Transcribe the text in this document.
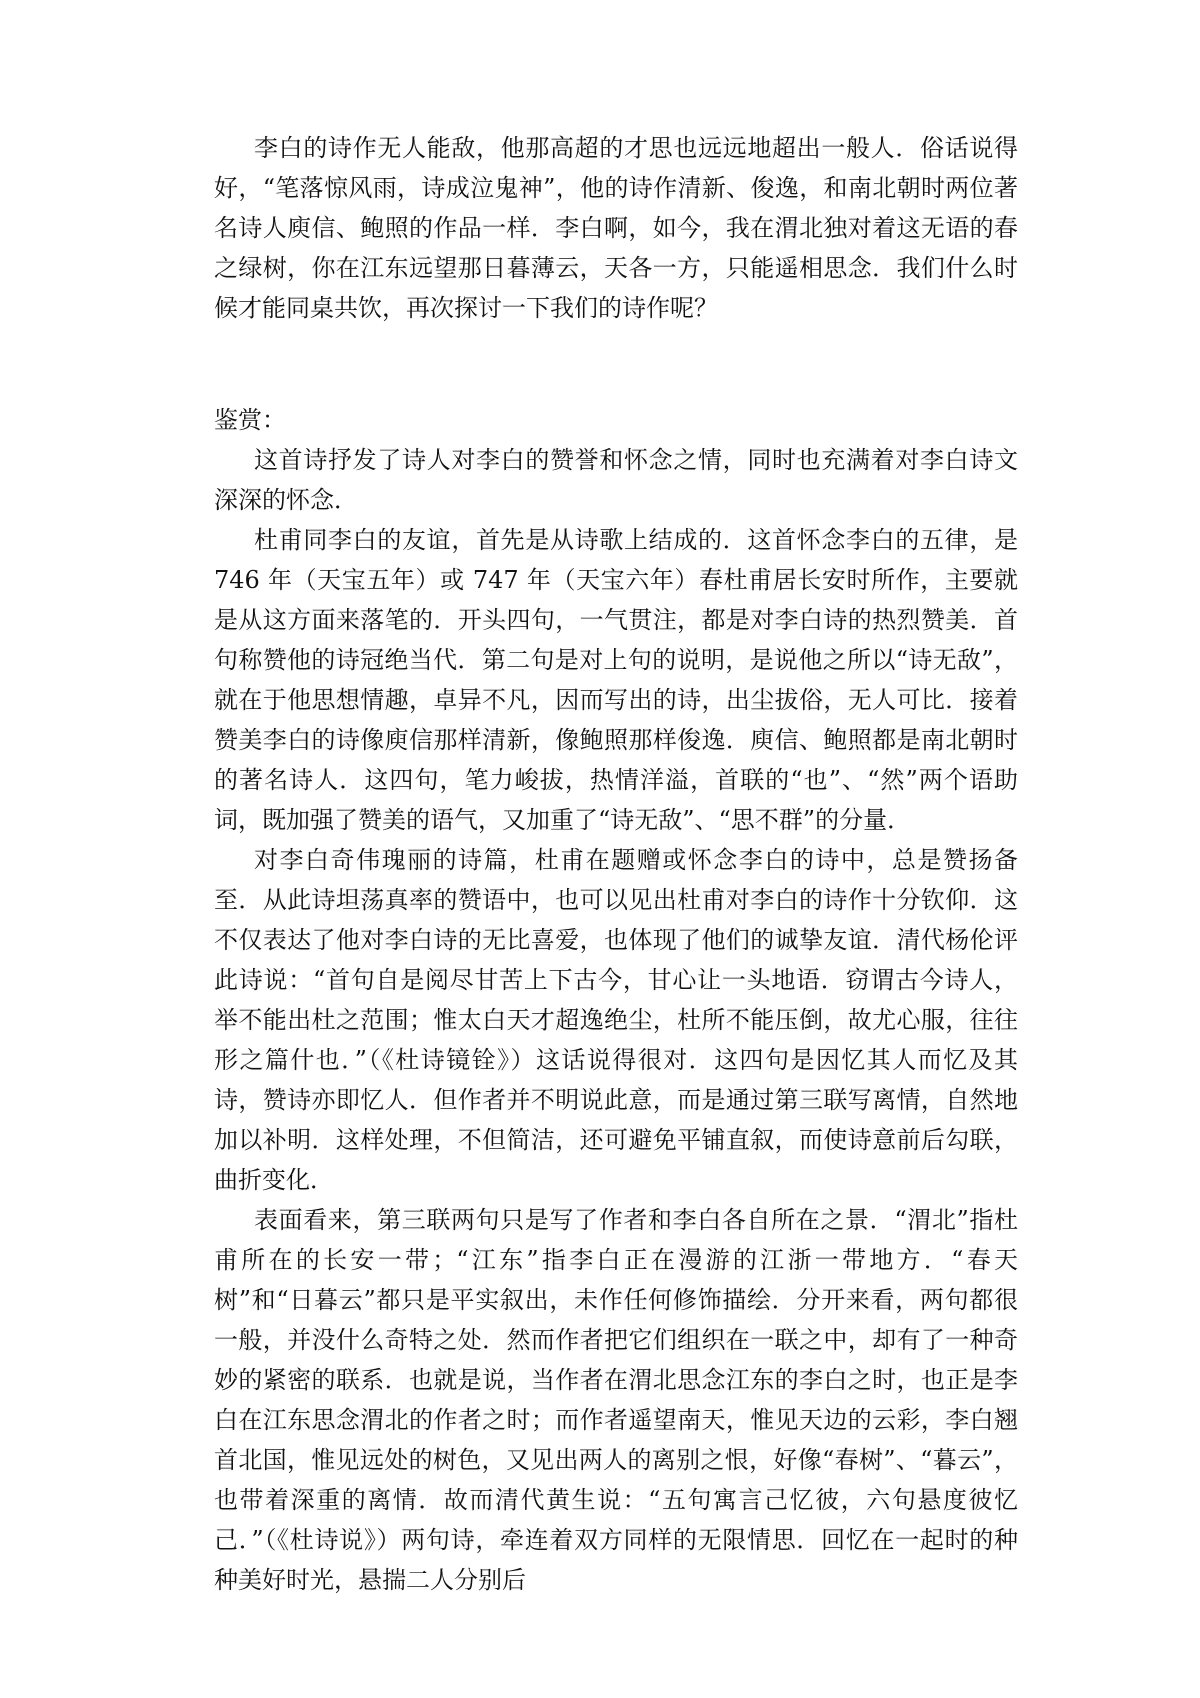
李白的诗作无人能敌，他那高超的才思也远远地超出一般人．俗话说得好，“笔落惊风雨，诗成泣鬼神”，他的诗作清新、俊逸，和南北朝时两位著名诗人庾信、鲍照的作品一样．李白啊，如今，我在渭北独对着这无语的春之绿树，你在江东远望那日暮薄云，天各一方，只能遥相思念．我们什么时候才能同桌共饮，再次探讨一下我们的诗作呢？

鉴赏：

这首诗抒发了诗人对李白的赞誉和怀念之情，同时也充满着对李白诗文深深的怀念．

杜甫同李白的友谊，首先是从诗歌上结成的．这首怀念李白的五律，是 746 年（天宝五年）或 747 年（天宝六年）春杜甫居长安时所作，主要就是从这方面来落笔的．开头四句，一气贯注，都是对李白诗的热烈赞美．首句称赞他的诗冠绝当代．第二句是对上句的说明，是说他之所以“诗无敌”，就在于他思想情趣，卓异不凡，因而写出的诗，出尘拔俗，无人可比．接着赞美李白的诗像庾信那样清新，像鲍照那样俊逸．庾信、鲍照都是南北朝时的著名诗人．这四句，笔力峻拔，热情洋溢，首联的“也”、“然”两个语助词，既加强了赞美的语气，又加重了“诗无敌”、“思不群”的分量．

对李白奇伟瑰丽的诗篇，杜甫在题赠或怀念李白的诗中，总是赞扬备至．从此诗坦荡真率的赞语中，也可以见出杜甫对李白的诗作十分钦仰．这不仅表达了他对李白诗的无比喜爱，也体现了他们的诚挚友谊．清代杨伦评此诗说：“首句自是阅尽甘苦上下古今，甘心让一头地语．窃谓古今诗人，举不能出杜之范围；惟太白天才超逸绝尘，杜所不能压倒，故尤心服，往往形之篇什也．”（《杜诗镜铨》）这话说得很对．这四句是因忆其人而忆及其诗，赞诗亦即忆人．但作者并不明说此意，而是通过第三联写离情，自然地加以补明．这样处理，不但简洁，还可避免平铺直叙，而使诗意前后勾联，曲折变化．

表面看来，第三联两句只是写了作者和李白各自所在之景．“渭北”指杜甫所在的长安一带；“江东”指李白正在漫游的江浙一带地方．“春天树”和“日暮云”都只是平实叙出，未作任何修饰描绘．分开来看，两句都很一般，并没什么奇特之处．然而作者把它们组织在一联之中，却有了一种奇妙的紧密的联系．也就是说，当作者在渭北思念江东的李白之时，也正是李白在江东思念渭北的作者之时；而作者遥望南天，惟见天边的云彩，李白翘首北国，惟见远处的树色，又见出两人的离别之恨，好像“春树”、“暮云”，也带着深重的离情．故而清代黄生说：“五句寓言己忆彼，六句悬度彼忆己．”（《杜诗说》）两句诗，牵连着双方同样的无限情思．回忆在一起时的种种美好时光，悬揣二人分别后
